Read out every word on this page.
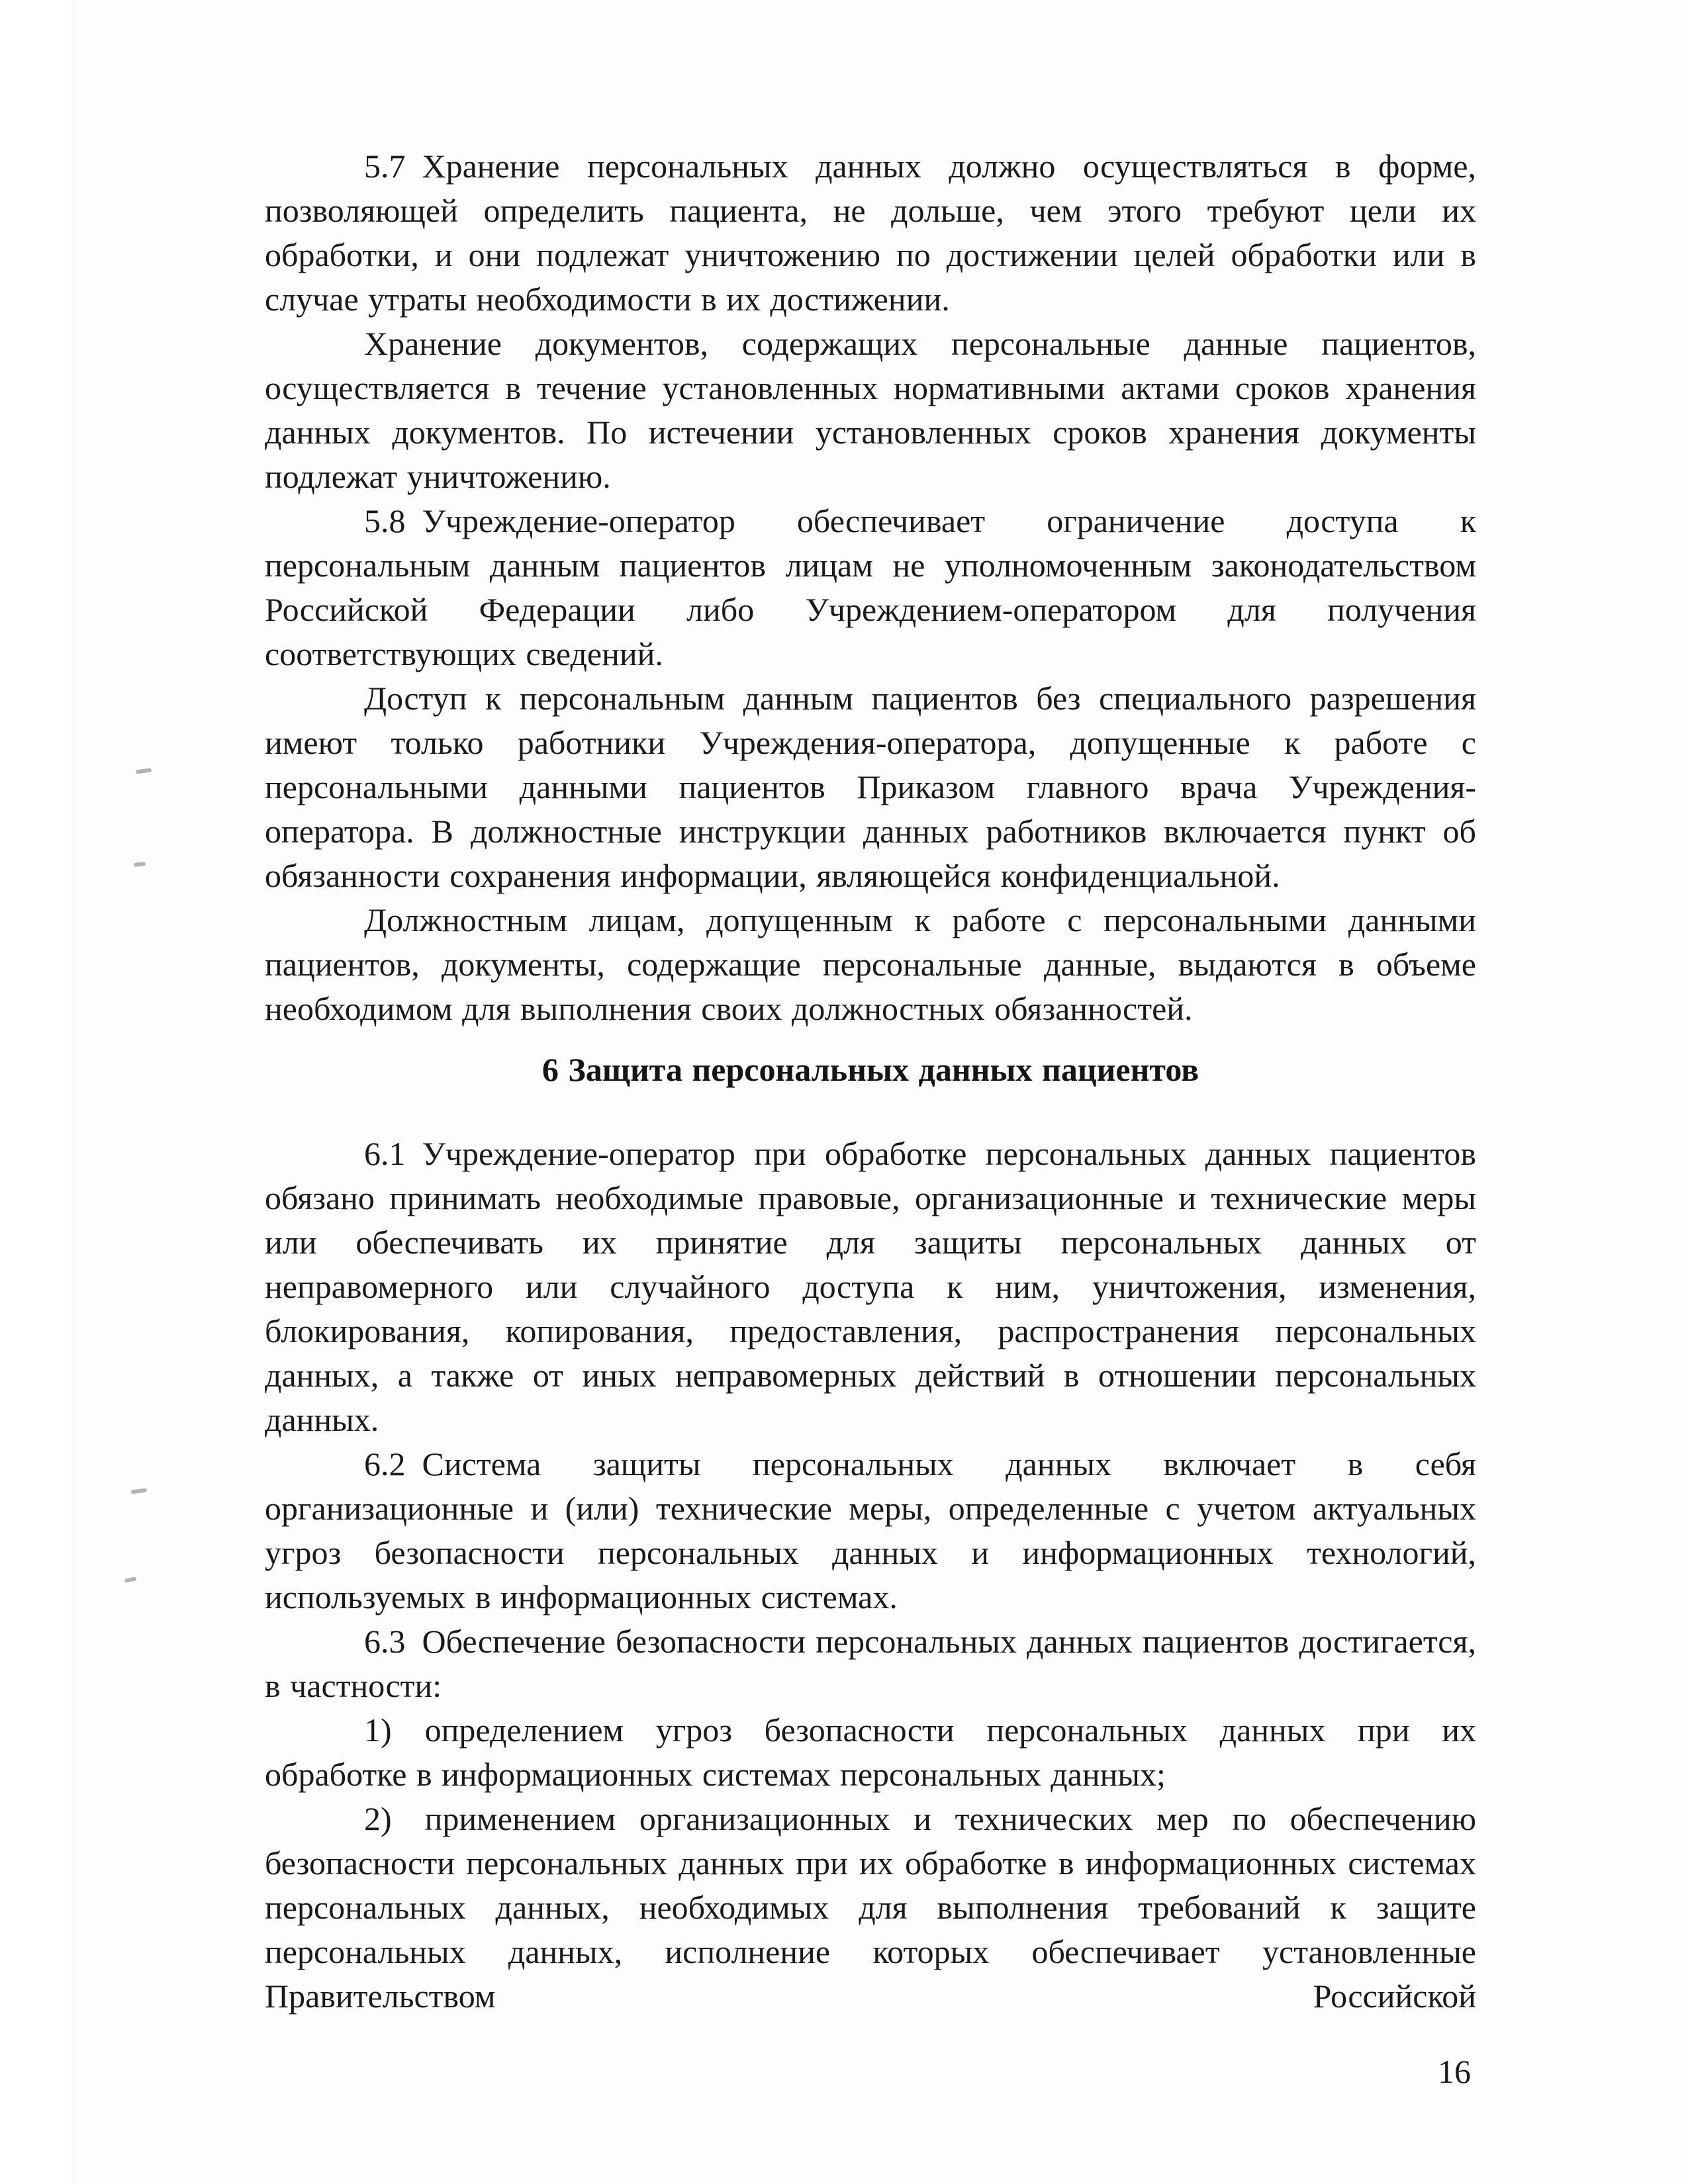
5.7 Хранение персональных данных должно осуществляться в форме, позволяющей определить пациента, не дольше, чем этого требуют цели их обработки, и они подлежат уничтожению по достижении целей обработки или в случае утраты необходимости в их достижении.

Хранение документов, содержащих персональные данные пациентов, осуществляется в течение установленных нормативными актами сроков хранения данных документов. По истечении установленных сроков хранения документы подлежат уничтожению.

5.8 Учреждение-оператор обеспечивает ограничение доступа к персональным данным пациентов лицам не уполномоченным законодательством Российской Федерации либо Учреждением-оператором для получения соответствующих сведений.

Доступ к персональным данным пациентов без специального разрешения имеют только работники Учреждения-оператора, допущенные к работе с персональными данными пациентов Приказом главного врача Учреждения-оператора. В должностные инструкции данных работников включается пункт об обязанности сохранения информации, являющейся конфиденциальной.

Должностным лицам, допущенным к работе с персональными данными пациентов, документы, содержащие персональные данные, выдаются в объеме необходимом для выполнения своих должностных обязанностей.

6 Защита персональных данных пациентов

6.1 Учреждение-оператор при обработке персональных данных пациентов обязано принимать необходимые правовые, организационные и технические меры или обеспечивать их принятие для защиты персональных данных от неправомерного или случайного доступа к ним, уничтожения, изменения, блокирования, копирования, предоставления, распространения персональных данных, а также от иных неправомерных действий в отношении персональных данных.

6.2 Система защиты персональных данных включает в себя организационные и (или) технические меры, определенные с учетом актуальных угроз безопасности персональных данных и информационных технологий, используемых в информационных системах.

6.3 Обеспечение безопасности персональных данных пациентов достигается, в частности:

1) определением угроз безопасности персональных данных при их обработке в информационных системах персональных данных;

2) применением организационных и технических мер по обеспечению безопасности персональных данных при их обработке в информационных системах персональных данных, необходимых для выполнения требований к защите персональных данных, исполнение которых обеспечивает установленные Правительством Российской

16
